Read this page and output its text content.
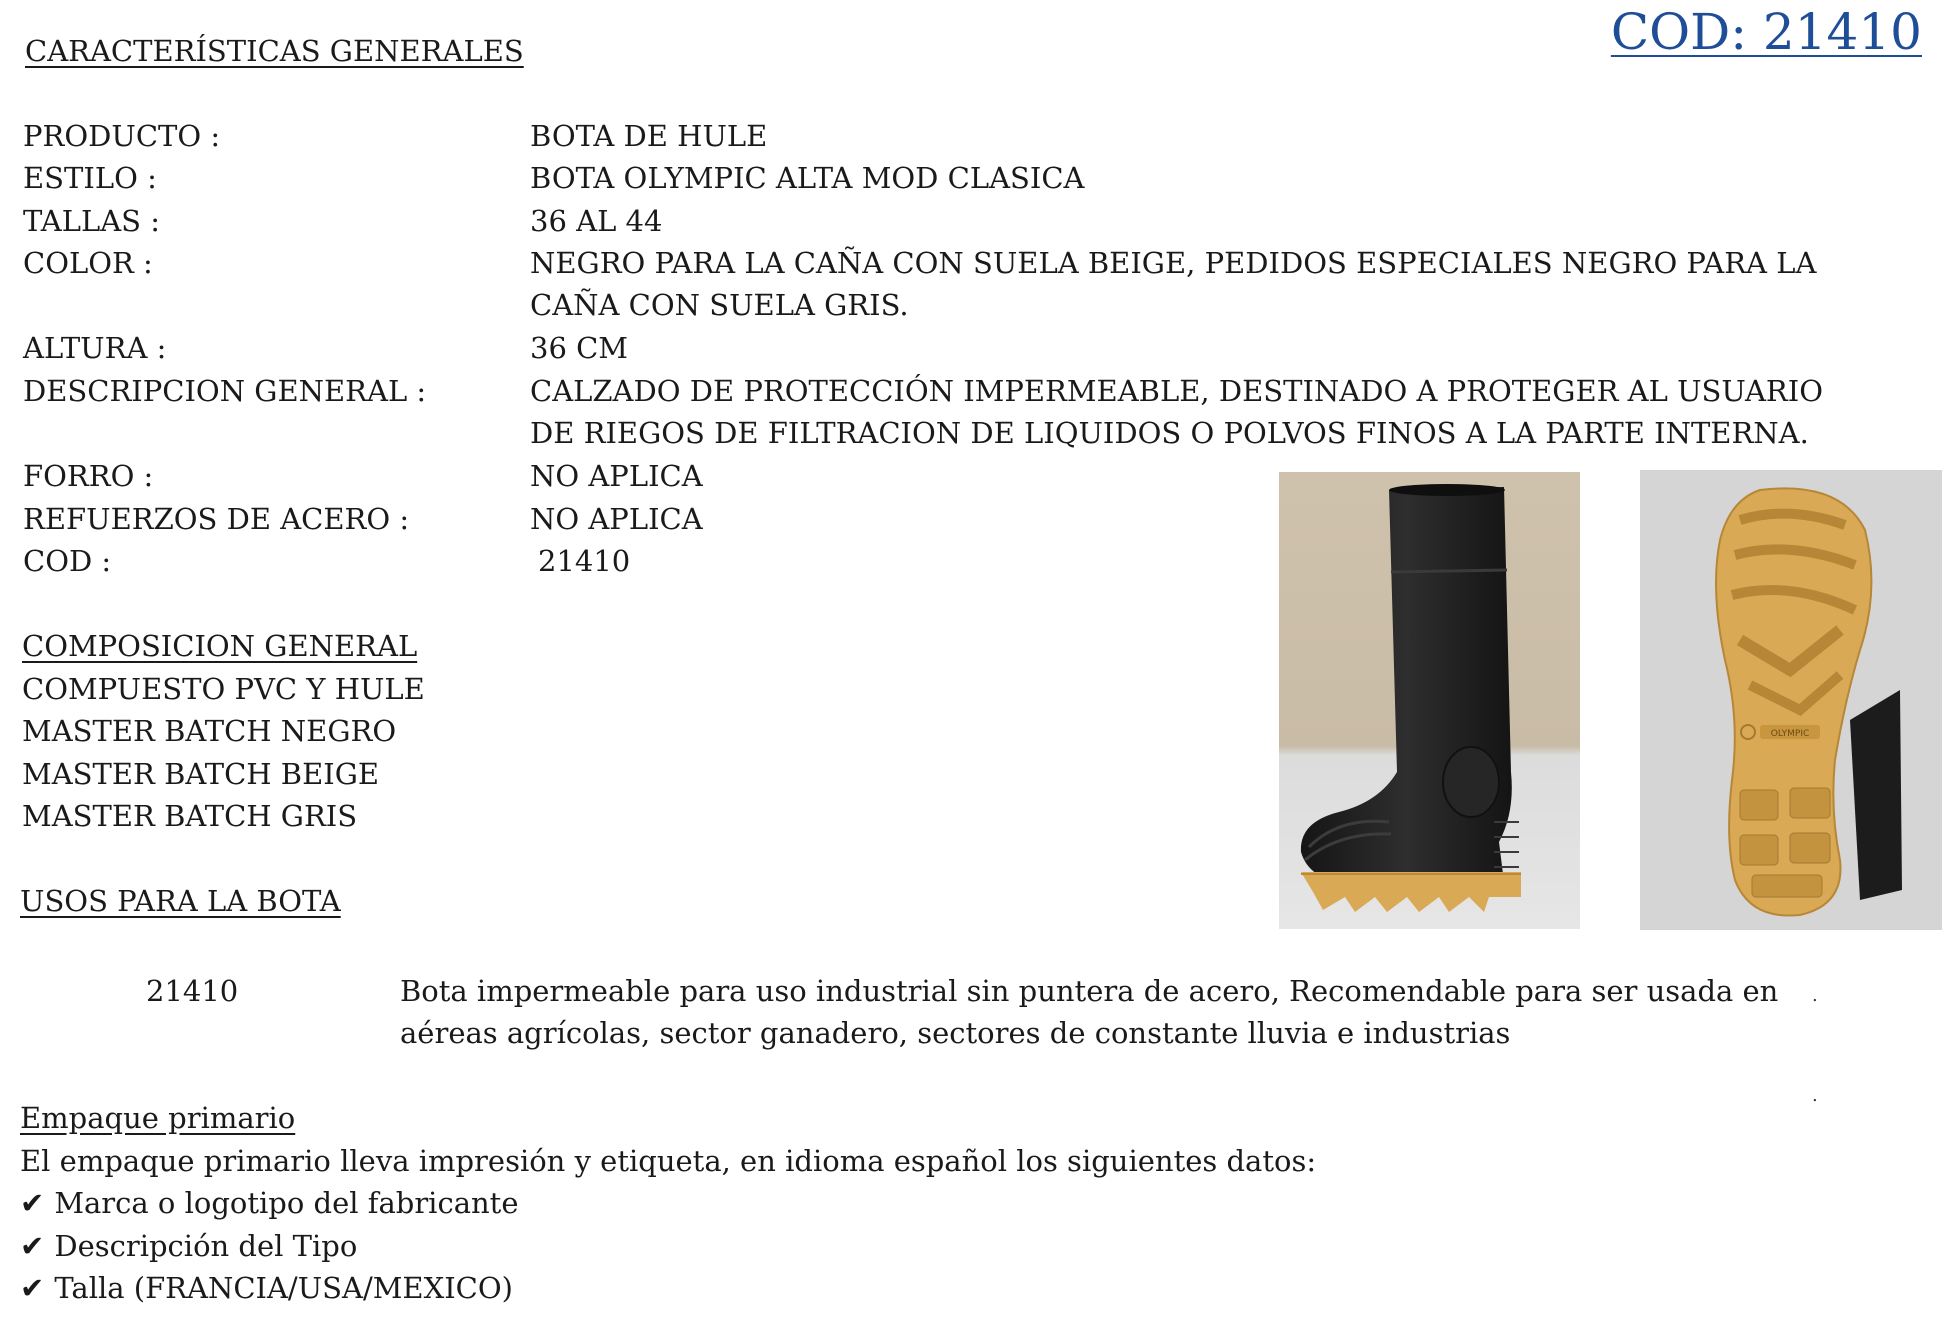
COD: 21410
CARACTERÍSTICAS GENERALES
PRODUCTO :	BOTA DE HULE
ESTILO :	BOTA OLYMPIC ALTA MOD CLASICA
TALLAS :	36 AL 44
COLOR :	NEGRO PARA LA CAÑA CON SUELA BEIGE, PEDIDOS ESPECIALES NEGRO PARA LA CAÑA CON SUELA GRIS.
ALTURA :	36 CM
DESCRIPCION GENERAL :	CALZADO DE PROTECCIÓN IMPERMEABLE, DESTINADO A PROTEGER AL USUARIO DE RIEGOS DE FILTRACION DE LIQUIDOS O POLVOS FINOS A LA PARTE INTERNA.
FORRO :	NO APLICA
REFUERZOS DE ACERO :	NO APLICA
COD :	21410
COMPOSICION GENERAL
COMPUESTO PVC Y HULE
MASTER BATCH NEGRO
MASTER BATCH BEIGE
MASTER BATCH GRIS
USOS PARA LA BOTA
21410	Bota impermeable para uso industrial sin puntera de acero, Recomendable para ser usada en
aéreas agrícolas, sector ganadero, sectores de constante lluvia e industrias
.
.
Empaque primario
El empaque primario lleva impresión y etiqueta, en idioma español los siguientes datos:
✔ Marca o logotipo del fabricante
✔ Descripción del Tipo
✔ Talla (FRANCIA/USA/MEXICO)
OLYMPIC
